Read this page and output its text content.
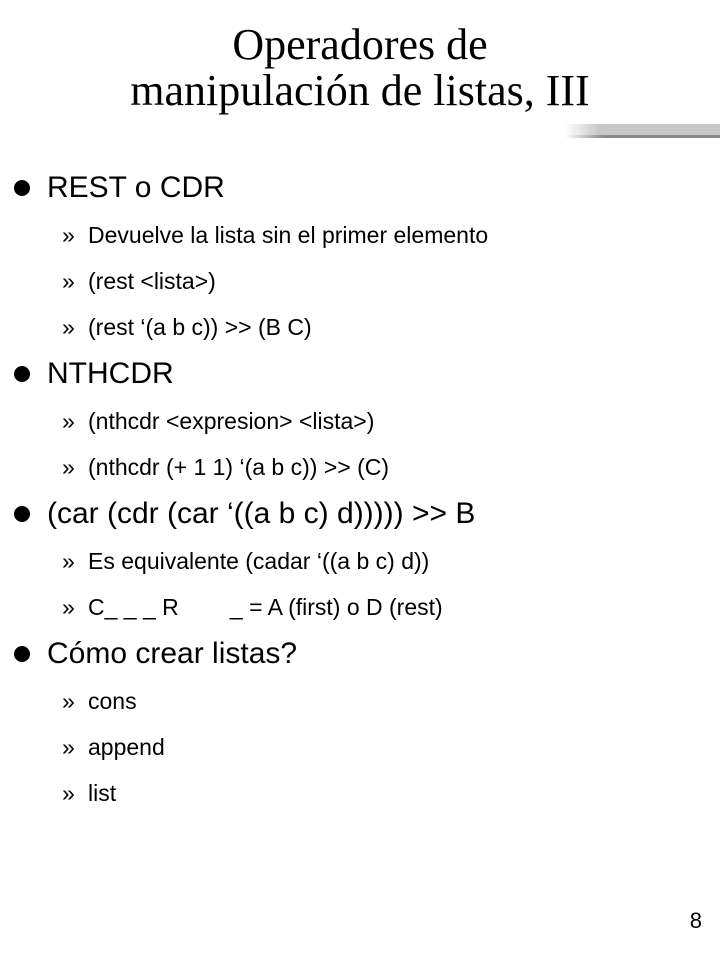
Operadores de
manipulación de listas, III
REST o CDR
» Devuelve la lista sin el primer elemento
» (rest <lista>)
» (rest ‘(a b c)) >> (B C)
NTHCDR
» (nthcdr <expresion> <lista>)
» (nthcdr (+ 1 1) ‘(a b c)) >> (C)
(car (cdr (car ‘((a b c) d))))) >> B
» Es equivalente (cadar ‘((a b c) d))
» C_ _ _ R        _ = A (first) o D (rest)
Cómo crear listas?
» cons
» append
» list
8
